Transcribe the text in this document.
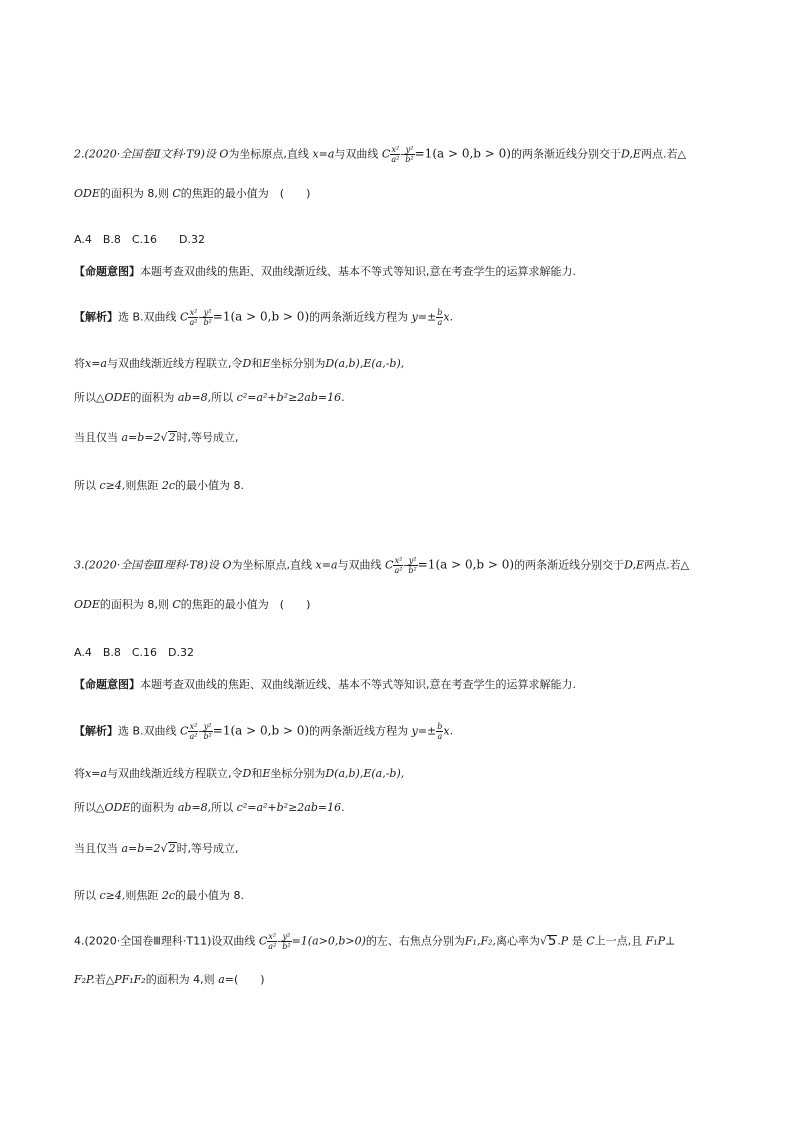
2.(2020·全国卷Ⅱ文科·T9)设 O为坐标原点,直线 x=a与双曲线 C $\frac{\text{x²}}{\text{a²}} - \frac{\text{y²}}{\text{b²}} =1(a > 0,b > 0)$的两条渐近线分别交于D,E两点.若△
ODE的面积为 8,则 C的焦距的最小值为　(　　)
A.4　B.8　C.16　　D.32
【命题意图】本题考查双曲线的焦距、双曲线渐近线、基本不等式等知识,意在考查学生的运算求解能力.
【解析】选 B.双曲线 C $\frac{\text{x²}}{\text{a²}} - \frac{\text{y²}}{\text{b²}} =1(a > 0,b > 0)$的两条渐近线方程为 $y=\pm \frac{b}{a} x$.
将x=a与双曲线渐近线方程联立,令D和E坐标分别为D(a,b),E(a,-b),
所以△ODE的面积为 ab=8,所以 c²=a²+b²≥2ab=16.
当且仅当 a=b=2√2时,等号成立,
所以 c≥4,则焦距 2c的最小值为 8.
3.(2020·全国卷Ⅲ理科·T8)设 O为坐标原点,直线 x=a与双曲线 C $\frac{\text{x²}}{\text{a²}} - \frac{\text{y²}}{\text{b²}} =1(a > 0,b > 0)$的两条渐近线分别交于D,E两点.若△
ODE的面积为 8,则 C的焦距的最小值为　(　　)
A.4　B.8　C.16　D.32
【命题意图】本题考查双曲线的焦距、双曲线渐近线、基本不等式等知识,意在考查学生的运算求解能力.
【解析】选 B.双曲线 C $\frac{\text{x²}}{\text{a²}} - \frac{\text{y²}}{\text{b²}} =1(a > 0,b > 0)$的两条渐近线方程为 $y=\pm \frac{b}{a} x$.
将x=a与双曲线渐近线方程联立,令D和E坐标分别为D(a,b),E(a,-b),
所以△ODE的面积为 ab=8,所以 c²=a²+b²≥2ab=16.
当且仅当 a=b=2√2时,等号成立,
所以 c≥4,则焦距 2c的最小值为 8.
4.(2020·全国卷Ⅲ理科·T11)设双曲线 C $\frac{\text{x²}}{\text{a²}} - \frac{\text{y²}}{\text{b²}} =1(a>0,b>0)$的左、右焦点分别为F₁,F₂,离心率为√5.P 是 C上一点,且 F₁P⊥
F₂P.若△PF₁F₂的面积为 4,则 a=(　　)
